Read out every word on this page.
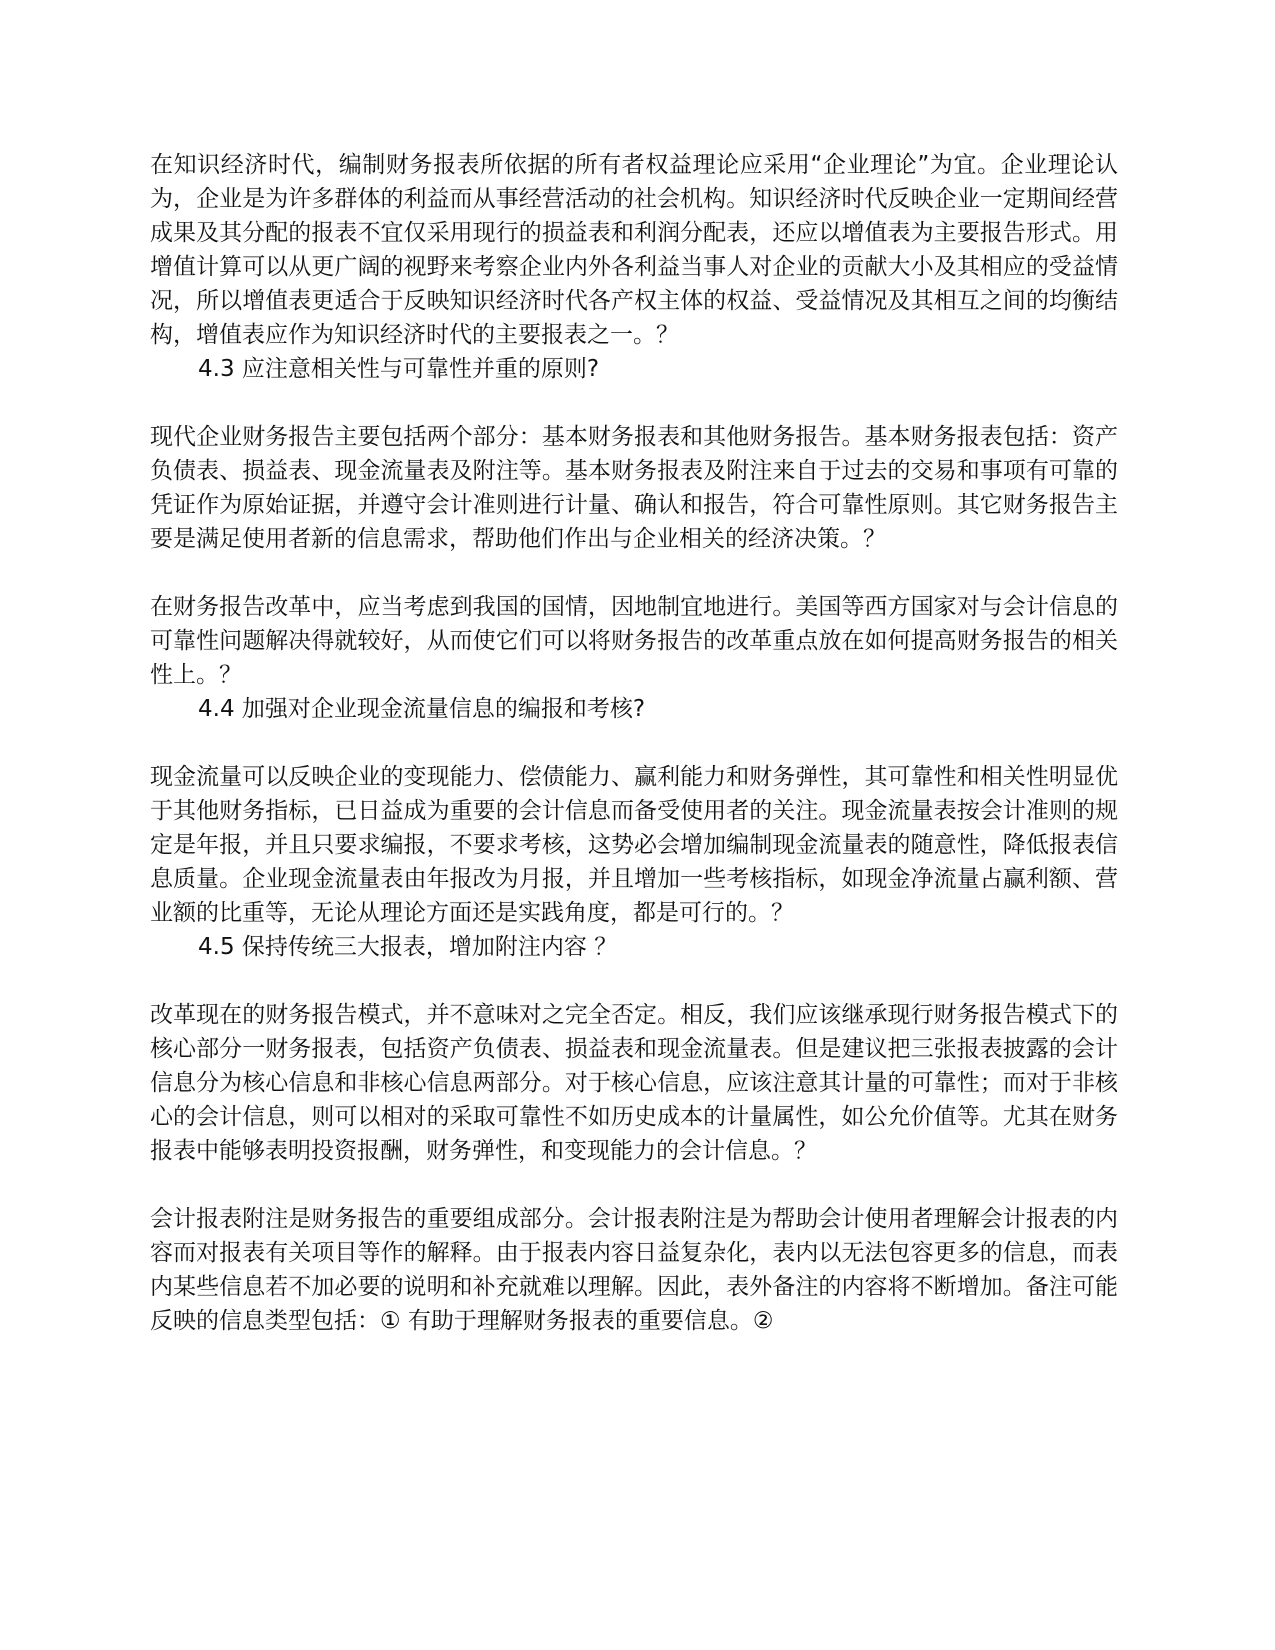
在知识经济时代，编制财务报表所依据的所有者权益理论应采用“企业理论”为宜。企业理论认为，企业是为许多群体的利益而从事经营活动的社会机构。知识经济时代反映企业一定期间经营成果及其分配的报表不宜仅采用现行的损益表和利润分配表，还应以增值表为主要报告形式。用增值计算可以从更广阔的视野来考察企业内外各利益当事人对企业的贡献大小及其相应的受益情况，所以增值表更适合于反映知识经济时代各产权主体的权益、受益情况及其相互之间的均衡结构，增值表应作为知识经济时代的主要报表之一。？

4.3 应注意相关性与可靠性并重的原则?

现代企业财务报告主要包括两个部分：基本财务报表和其他财务报告。基本财务报表包括：资产负债表、损益表、现金流量表及附注等。基本财务报表及附注来自于过去的交易和事项有可靠的凭证作为原始证据，并遵守会计准则进行计量、确认和报告，符合可靠性原则。其它财务报告主要是满足使用者新的信息需求，帮助他们作出与企业相关的经济决策。？

在财务报告改革中，应当考虑到我国的国情，因地制宜地进行。美国等西方国家对与会计信息的可靠性问题解决得就较好，从而使它们可以将财务报告的改革重点放在如何提高财务报告的相关性上。？

4.4 加强对企业现金流量信息的编报和考核?

现金流量可以反映企业的变现能力、偿债能力、赢利能力和财务弹性，其可靠性和相关性明显优于其他财务指标，已日益成为重要的会计信息而备受使用者的关注。现金流量表按会计准则的规定是年报，并且只要求编报，不要求考核，这势必会增加编制现金流量表的随意性，降低报表信息质量。企业现金流量表由年报改为月报，并且增加一些考核指标，如现金净流量占赢利额、营业额的比重等，无论从理论方面还是实践角度，都是可行的。？

4.5 保持传统三大报表，增加附注内容 ？

改革现在的财务报告模式，并不意味对之完全否定。相反，我们应该继承现行财务报告模式下的核心部分一财务报表，包括资产负债表、损益表和现金流量表。但是建议把三张报表披露的会计信息分为核心信息和非核心信息两部分。对于核心信息，应该注意其计量的可靠性；而对于非核心的会计信息，则可以相对的采取可靠性不如历史成本的计量属性，如公允价值等。尤其在财务报表中能够表明投资报酬，财务弹性，和变现能力的会计信息。？

会计报表附注是财务报告的重要组成部分。会计报表附注是为帮助会计使用者理解会计报表的内容而对报表有关项目等作的解释。由于报表内容日益复杂化，表内以无法包容更多的信息，而表内某些信息若不加必要的说明和补充就难以理解。因此，表外备注的内容将不断增加。备注可能反映的信息类型包括：① 有助于理解财务报表的重要信息。②
